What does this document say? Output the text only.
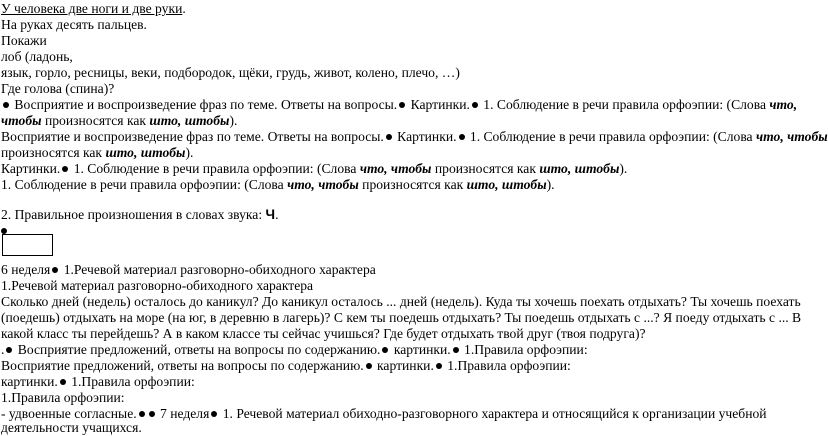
У человека две ноги и две руки.
На руках десять пальцев.
Покажи
лоб (ладонь,
язык, горло, ресницы, веки, подбородок, щёки, грудь, живот, колено, плечо, …)
Где голова (спина)?
Восприятие и воспроизведение фраз по теме. Ответы на вопросы. Картинки. 1. Соблюдение в речи правила орфоэпии: (Слова что,
чтобы произносятся как што, штобы).
Восприятие и воспроизведение фраз по теме. Ответы на вопросы. Картинки. 1. Соблюдение в речи правила орфоэпии: (Слова что, чтобы
произносятся как што, штобы).
Картинки. 1. Соблюдение в речи правила орфоэпии: (Слова что, чтобы произносятся как што, штобы).
1. Соблюдение в речи правила орфоэпии: (Слова что, чтобы произносятся как што, штобы).
2. Правильное произношения в словах звука: Ч.
6 неделя 1.Речевой материал разговорно-обиходного характера
1.Речевой материал разговорно-обиходного характера
Сколько дней (недель) осталось до каникул? До каникул осталось ... дней (недель). Куда ты хочешь поехать отдыхать? Ты хочешь поехать
(поедешь) отдыхать на море (на юг, в деревню в лагерь)? С кем ты поедешь отдыхать? Ты поедешь отдыхать с ...? Я поеду отдыхать с ... В
какой класс ты перейдешь? А в каком классе ты сейчас учишься? Где будет отдыхать твой друг (твоя подруга)?
. Восприятие предложений, ответы на вопросы по содержанию. картинки. 1.Правила орфоэпии:
Восприятие предложений, ответы на вопросы по содержанию. картинки. 1.Правила орфоэпии:
картинки. 1.Правила орфоэпии:
1.Правила орфоэпии:
- удвоенные согласные. 7 неделя 1. Речевой материал обиходно-разговорного характера и относящийся к организации учебной
деятельности учащихся.
